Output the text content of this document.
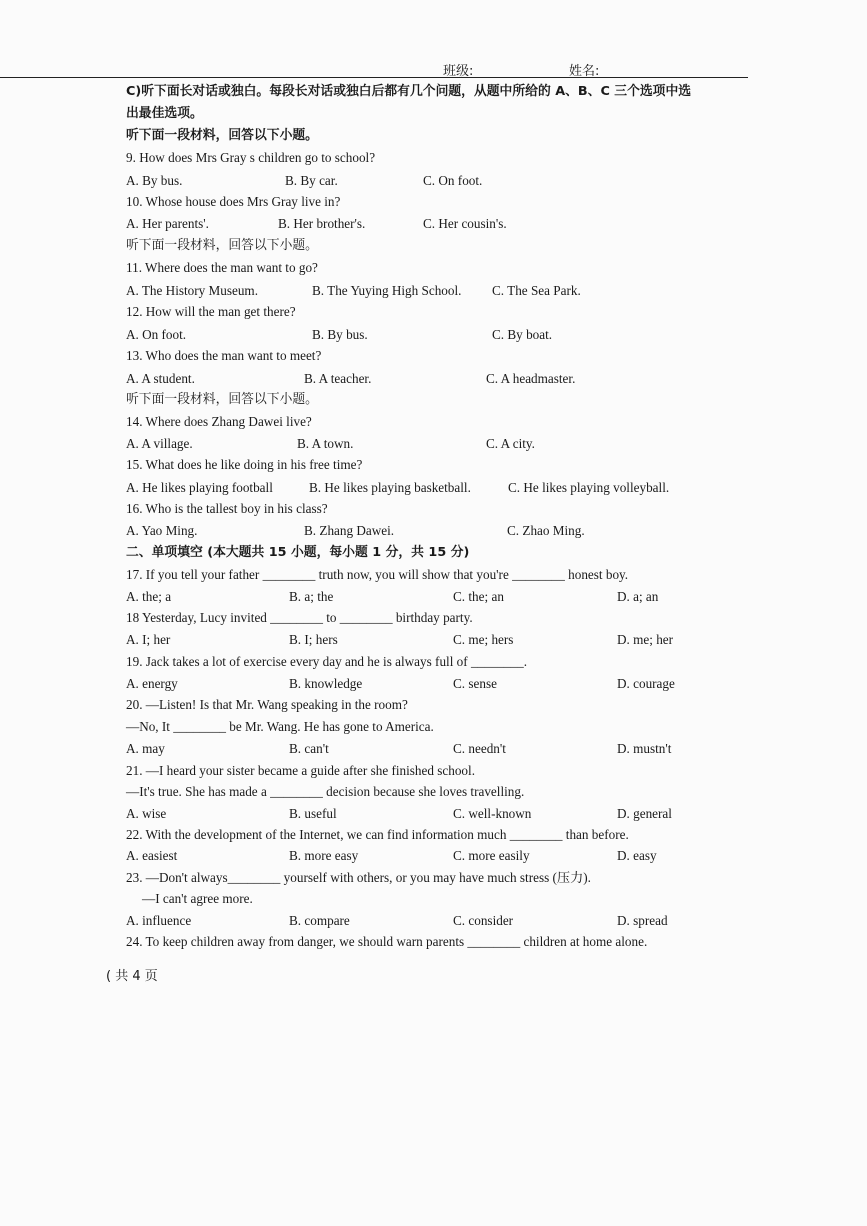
班级:	姓名:
C)听下面长对话或独白。每段长对话或独白后都有几个问题，从题中所给的 A、B、C 三个选项中选
出最佳选项。
听下面一段材料，回答以下小题。
9. How does Mrs Gray s children go to school?
A. By bus.	B. By car.	C. On foot.
10. Whose house does Mrs Gray live in?
A. Her parents'.	B. Her brother's.	C. Her cousin's.
听下面一段材料，回答以下小题。
11. Where does the man want to go?
A. The History Museum.	B. The Yuying High School. C. The Sea Park.
12. How will the man get there?
A. On foot.	B. By bus.	C. By boat.
13. Who does the man want to meet?
A. A student.	B. A teacher.	C. A headmaster.
听下面一段材料，回答以下小题。
14. Where does Zhang Dawei live?
A. A village.	B. A town.	C. A city.
15. What does he like doing in his free time?
A. He likes playing football	B. He likes playing basketball.	C. He likes playing volleyball.
16. Who is the tallest boy in his class?
A. Yao Ming.	B. Zhang Dawei.	C. Zhao Ming.
二、单项填空 (本大题共 15 小题，每小题 1 分，共 15 分)
17. If you tell your father ________ truth now, you will show that you're ________ honest boy.
A. the; a	B. a; the	C. the; an	D. a; an
18 Yesterday, Lucy invited ________ to ________ birthday party.
A. I; her	B. I; hers	C. me; hers	D. me; her
19. Jack takes a lot of exercise every day and he is always full of ________.
A. energy	B. knowledge	C. sense	D. courage
20. —Listen! Is that Mr. Wang speaking in the room?
—No, It ________ be Mr. Wang. He has gone to America.
A. may	B. can't	C. needn't	D. mustn't
21. —I heard your sister became a guide after she finished school.
—It's true. She has made a ________ decision because she loves travelling.
A. wise	B. useful	C. well-known	D. general
22. With the development of the Internet, we can find information much ________ than before.
A. easiest	B. more easy	C. more easily	D. easy
23. —Don't always________ yourself with others, or you may have much stress (压力).
—I can't agree more.
A. influence	B. compare	C. consider	D. spread
24. To keep children away from danger, we should warn parents ________ children at home alone.
( 共 4 页
